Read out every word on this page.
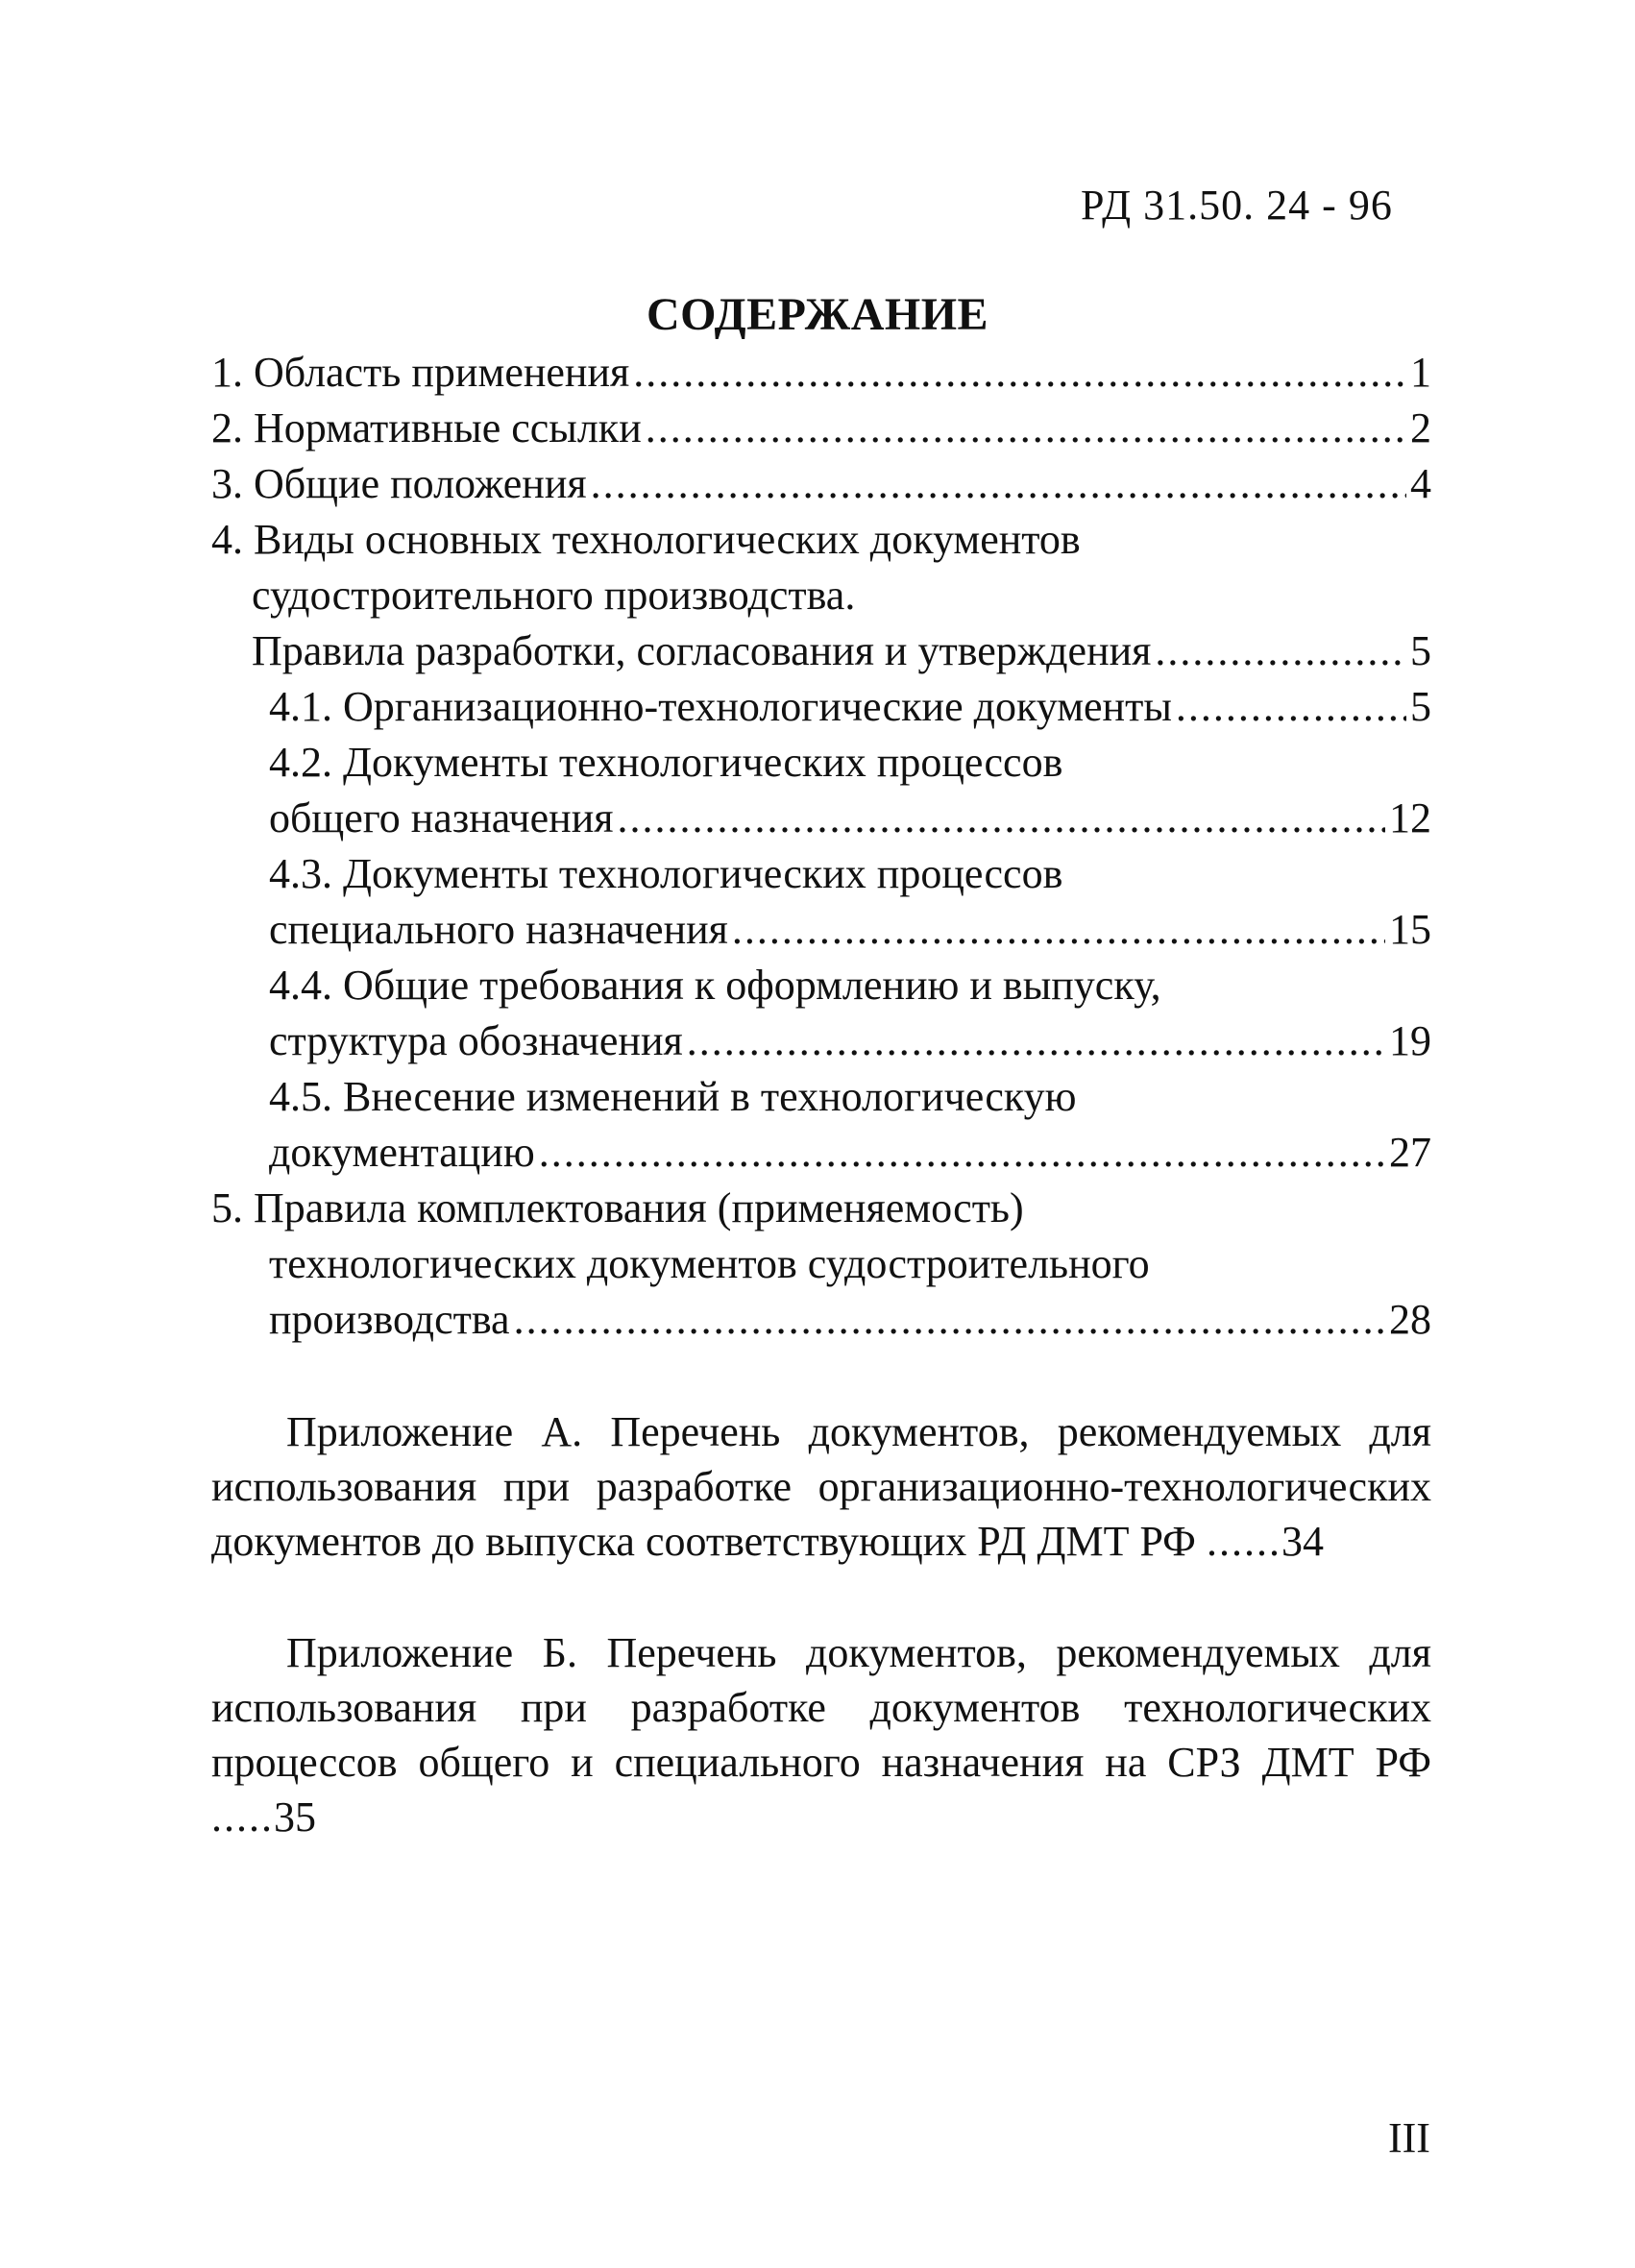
РД 31.50. 24 - 96
СОДЕРЖАНИЕ
1. Область применения .....	1
2. Нормативные ссылки .....	2
3. Общие положения .....	4
4. Виды основных технологических документов
судостроительного производства.
Правила разработки, согласования и утверждения .....	5
4.1. Организационно-технологические документы .....	5
4.2. Документы технологических процессов
общего назначения .....	12
4.3. Документы технологических процессов
специального назначения .....	15
4.4. Общие требования к оформлению и выпуску,
структура обозначения .....	19
4.5. Внесение изменений в технологическую
документацию .....	27
5. Правила комплектования (применяемость)
технологических документов судостроительного
производства .....	28
Приложение А. Перечень документов, рекомендуемых для использования при разработке организационно-технологических документов до выпуска соответствующих РД ДМТ РФ ......34
Приложение Б. Перечень документов, рекомендуемых для использования при разработке документов технологических процессов общего и специального назначения на СРЗ ДМТ РФ .....35
III
